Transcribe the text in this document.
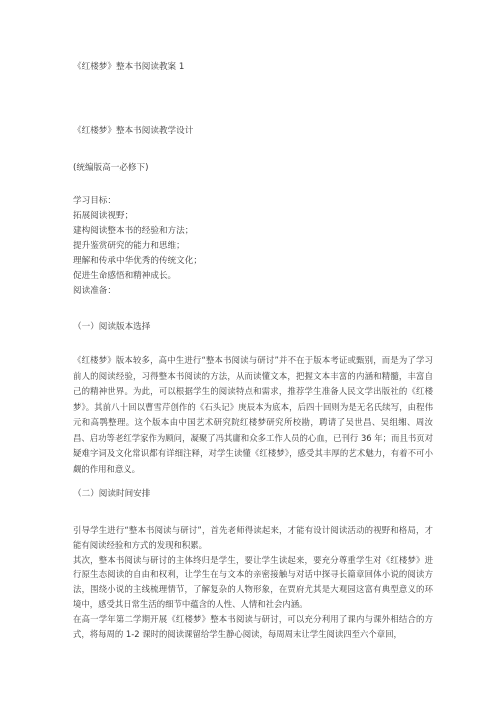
《红楼梦》整本书阅读教案 1
《红楼梦》整本书阅读教学设计
(统编版高一必修下)
学习目标：
拓展阅读视野；
建构阅读整本书的经验和方法；
提升鉴赏研究的能力和思维；
理解和传承中华优秀的传统文化；
促进生命感悟和精神成长。
阅读准备：
（一）阅读版本选择

《红楼梦》版本较多，高中生进行“整本书阅读与研讨”并不在于版本考证或甄别，而是为了学习前人的阅读经验，习得整本书阅读的方法，从而读懂文本，把握文本丰富的内涵和精髓，丰富自己的精神世界。为此，可以根据学生的阅读特点和需求，推荐学生准备人民文学出版社的《红楼梦》。其前八十回以曹雪芹创作的《石头记》庚辰本为底本，后四十回则为是无名氏续写，由程伟元和高鹗整理。这个版本由中国艺术研究院红楼梦研究所校勘，聘请了吴世昌、吴组缃、周汝昌、启功等老红学家作为顾问，凝聚了冯其庸和众多工作人员的心血，已刊行 36 年；而且书页对疑难字词及文化常识都有详细注释，对学生读懂《红楼梦》，感受其丰厚的艺术魅力，有着不可小觑的作用和意义。

（二）阅读时间安排

引导学生进行“整本书阅读与研讨”，首先老师得读起来，才能有设计阅读活动的视野和格局，才能有阅读经验和方式的发现和积累。

其次，整本书阅读与研讨的主体终归是学生，要让学生读起来，要充分尊重学生对《红楼梦》进行原生态阅读的自由和权利，让学生在与文本的亲密接触与对话中探寻长篇章回体小说的阅读方法，围绕小说的主线梳理情节，了解复杂的人物形象，在贾府尤其是大观园这富有典型意义的环境中，感受其日常生活的细节中蕴含的人性、人情和社会内涵。

在高一学年第二学期开展《红楼梦》整本书阅读与研讨，可以充分利用了课内与课外相结合的方式，将每周的 1-2 课时的阅读课留给学生静心阅读，每周周末让学生阅读四至六个章回，
